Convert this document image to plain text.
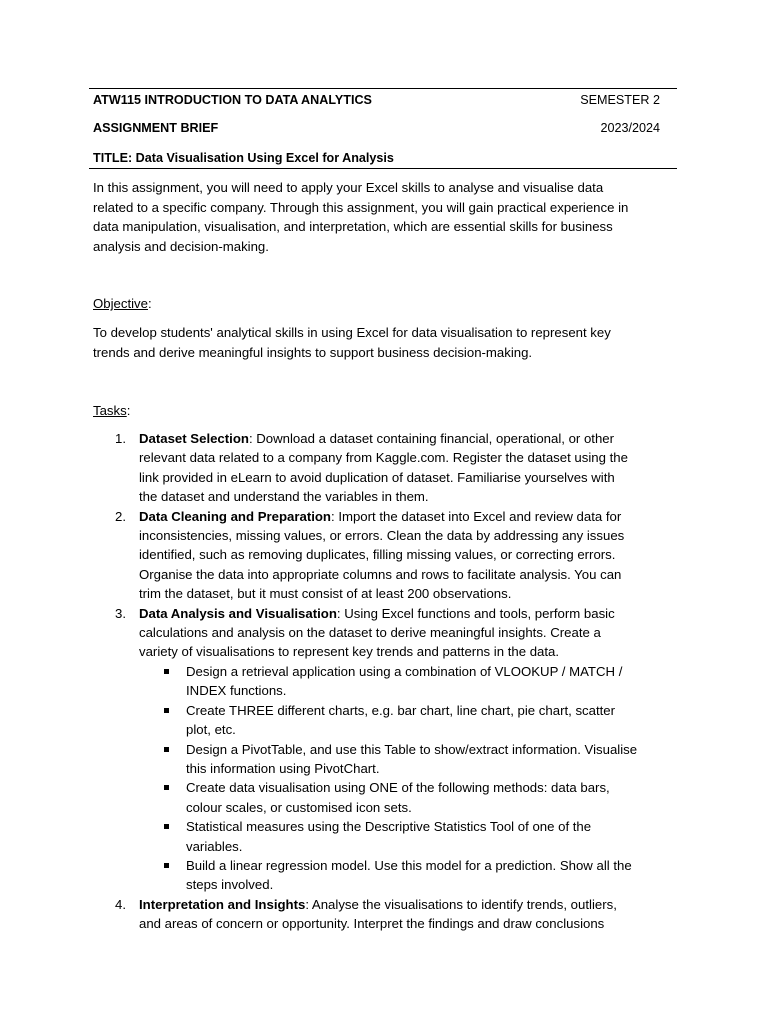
ATW115 INTRODUCTION TO DATA ANALYTICS	SEMESTER 2
ASSIGNMENT BRIEF	2023/2024
TITLE: Data Visualisation Using Excel for Analysis
In this assignment, you will need to apply your Excel skills to analyse and visualise data
related to a specific company. Through this assignment, you will gain practical experience in
data manipulation, visualisation, and interpretation, which are essential skills for business
analysis and decision-making.
Objective:
To develop students' analytical skills in using Excel for data visualisation to represent key
trends and derive meaningful insights to support business decision-making.
Tasks:
1. Dataset Selection: Download a dataset containing financial, operational, or other
relevant data related to a company from Kaggle.com. Register the dataset using the
link provided in eLearn to avoid duplication of dataset. Familiarise yourselves with
the dataset and understand the variables in them.
2. Data Cleaning and Preparation: Import the dataset into Excel and review data for
inconsistencies, missing values, or errors. Clean the data by addressing any issues
identified, such as removing duplicates, filling missing values, or correcting errors.
Organise the data into appropriate columns and rows to facilitate analysis. You can
trim the dataset, but it must consist of at least 200 observations.
3. Data Analysis and Visualisation: Using Excel functions and tools, perform basic
calculations and analysis on the dataset to derive meaningful insights. Create a
variety of visualisations to represent key trends and patterns in the data.
Design a retrieval application using a combination of VLOOKUP / MATCH /
INDEX functions.
Create THREE different charts, e.g. bar chart, line chart, pie chart, scatter
plot, etc.
Design a PivotTable, and use this Table to show/extract information. Visualise
this information using PivotChart.
Create data visualisation using ONE of the following methods: data bars,
colour scales, or customised icon sets.
Statistical measures using the Descriptive Statistics Tool of one of the
variables.
Build a linear regression model. Use this model for a prediction. Show all the
steps involved.
4. Interpretation and Insights: Analyse the visualisations to identify trends, outliers,
and areas of concern or opportunity. Interpret the findings and draw conclusions
